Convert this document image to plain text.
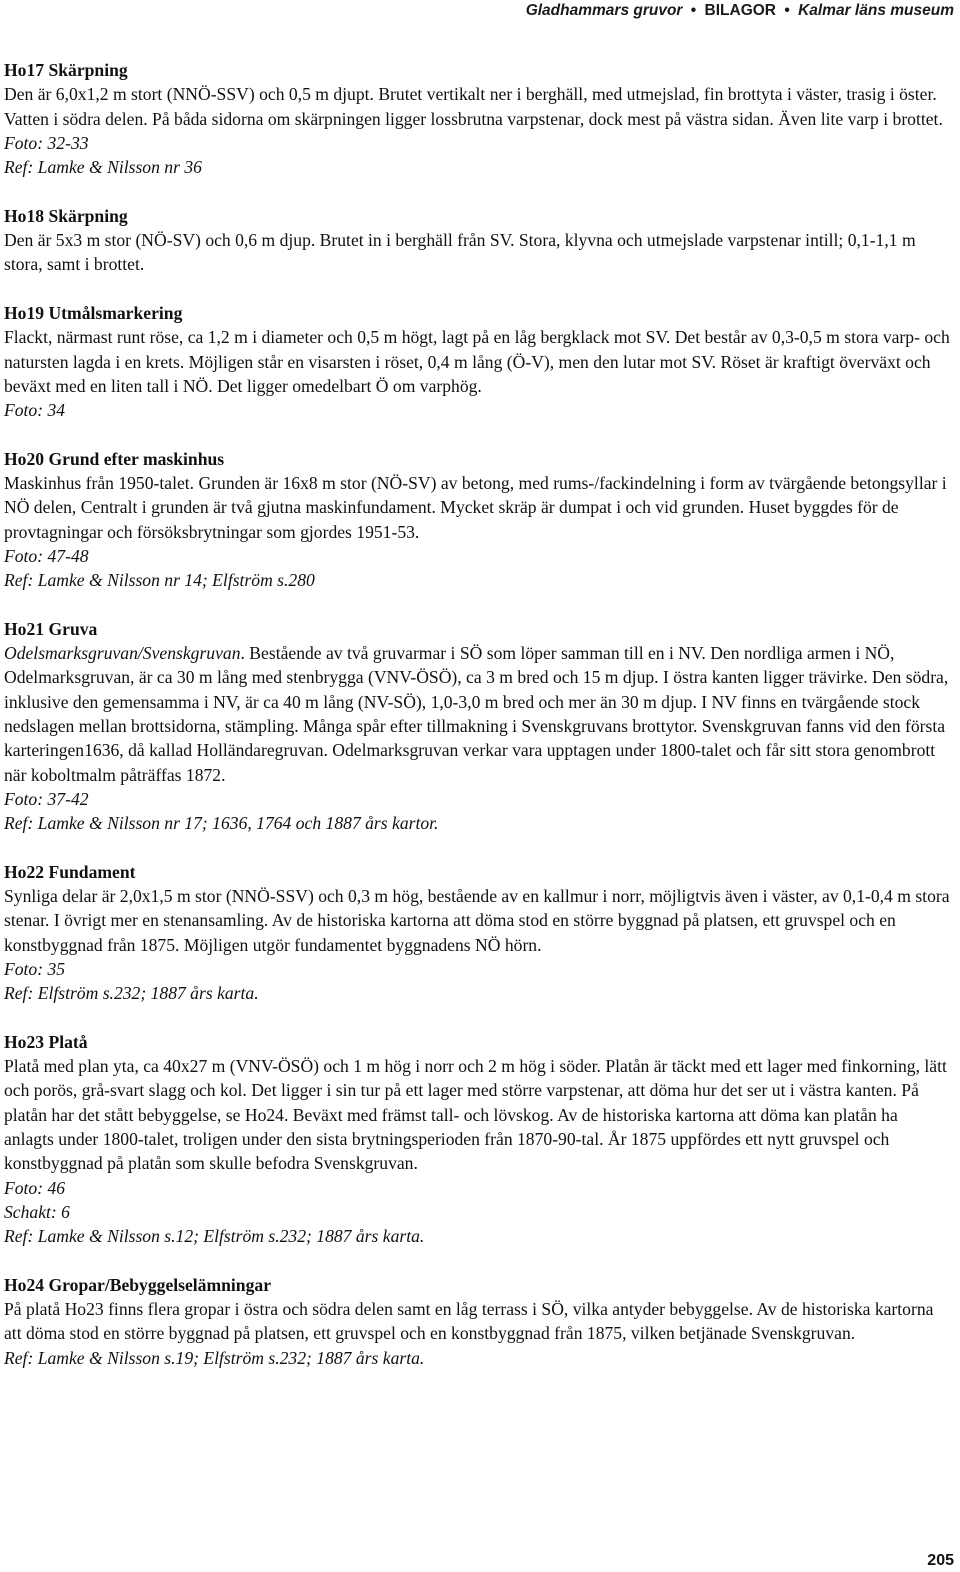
Gladhammars gruvor • BILAGOR • Kalmar läns museum
Ho17 Skärpning
Den är 6,0x1,2 m stort (NNÖ-SSV) och 0,5 m djupt. Brutet vertikalt ner i berghäll, med utmejslad, fin brottyta i väster, trasig i öster. Vatten i södra delen. På båda sidorna om skärpningen ligger lossbrutna varpstenar, dock mest på västra sidan. Även lite varp i brottet.
Foto: 32-33
Ref: Lamke & Nilsson nr 36
Ho18 Skärpning
Den är 5x3 m stor (NÖ-SV) och 0,6 m djup. Brutet in i berghäll från SV. Stora, klyvna och utmejslade varpstenar intill; 0,1-1,1 m stora, samt i brottet.
Ho19 Utmålsmarkering
Flackt, närmast runt röse, ca 1,2 m i diameter och 0,5 m högt, lagt på en låg bergklack mot SV. Det består av 0,3-0,5 m stora varp- och natursten lagda i en krets. Möjligen står en visarsten i röset, 0,4 m lång (Ö-V), men den lutar mot SV. Röset är kraftigt överväxt och beväxt med en liten tall i NÖ. Det ligger omedelbart Ö om varphög.
Foto: 34
Ho20 Grund efter maskinhus
Maskinhus från 1950-talet. Grunden är 16x8 m stor (NÖ-SV) av betong, med rums-/fackindelning i form av tvärgående betongsyllar i NÖ delen, Centralt i grunden är två gjutna maskinfundament. Mycket skräp är dumpat i och vid grunden. Huset byggdes för de provtagningar och försöksbrytningar som gjordes 1951-53.
Foto: 47-48
Ref: Lamke & Nilsson nr 14; Elfström s.280
Ho21 Gruva
Odelsmarksgruvan/Svenskgruvan. Bestående av två gruvarmar i SÖ som löper samman till en i NV. Den nordliga armen i NÖ, Odelmarksgruvan, är ca 30 m lång med stenbrygga (VNV-ÖSÖ), ca 3 m bred och 15 m djup. I östra kanten ligger trävirke. Den södra, inklusive den gemensamma i NV, är ca 40 m lång (NV-SÖ), 1,0-3,0 m bred och mer än 30 m djup. I NV finns en tvärgående stock nedslagen mellan brottsidorna, stämpling. Många spår efter tillmakning i Svenskgruvans brottytor. Svenskgruvan fanns vid den första karteringen1636, då kallad Holländaregruvan. Odelmarksgruvan verkar vara upptagen under 1800-talet och får sitt stora genombrott när koboltmalm påträffas 1872.
Foto: 37-42
Ref: Lamke & Nilsson nr 17; 1636, 1764 och 1887 års kartor.
Ho22 Fundament
Synliga delar är 2,0x1,5 m stor (NNÖ-SSV) och 0,3 m hög, bestående av en kallmur i norr, möjligtvis även i väster, av 0,1-0,4 m stora stenar. I övrigt mer en stenansamling. Av de historiska kartorna att döma stod en större byggnad på platsen, ett gruvspel och en konstbyggnad från 1875. Möjligen utgör fundamentet byggnadens NÖ hörn.
Foto: 35
Ref: Elfström s.232; 1887 års karta.
Ho23 Platå
Platå med plan yta, ca 40x27 m (VNV-ÖSÖ) och 1 m hög i norr och 2 m hög i söder. Platån är täckt med ett lager med finkorning, lätt och porös, grå-svart slagg och kol. Det ligger i sin tur på ett lager med större varpstenar, att döma hur det ser ut i västra kanten. På platån har det stått bebyggelse, se Ho24. Beväxt med främst tall- och lövskog. Av de historiska kartorna att döma kan platån ha anlagts under 1800-talet, troligen under den sista brytningsperioden från 1870-90-tal. År 1875 uppfördes ett nytt gruvspel och konstbyggnad på platån som skulle befodra Svenskgruvan.
Foto: 46
Schakt: 6
Ref: Lamke & Nilsson s.12; Elfström s.232; 1887 års karta.
Ho24 Gropar/Bebyggelselämningar
På platå Ho23 finns flera gropar i östra och södra delen samt en låg terrass i SÖ, vilka antyder bebyggelse. Av de historiska kartorna att döma stod en större byggnad på platsen, ett gruvspel och en konstbyggnad från 1875, vilken betjänade Svenskgruvan.
Ref: Lamke & Nilsson s.19; Elfström s.232; 1887 års karta.
205
